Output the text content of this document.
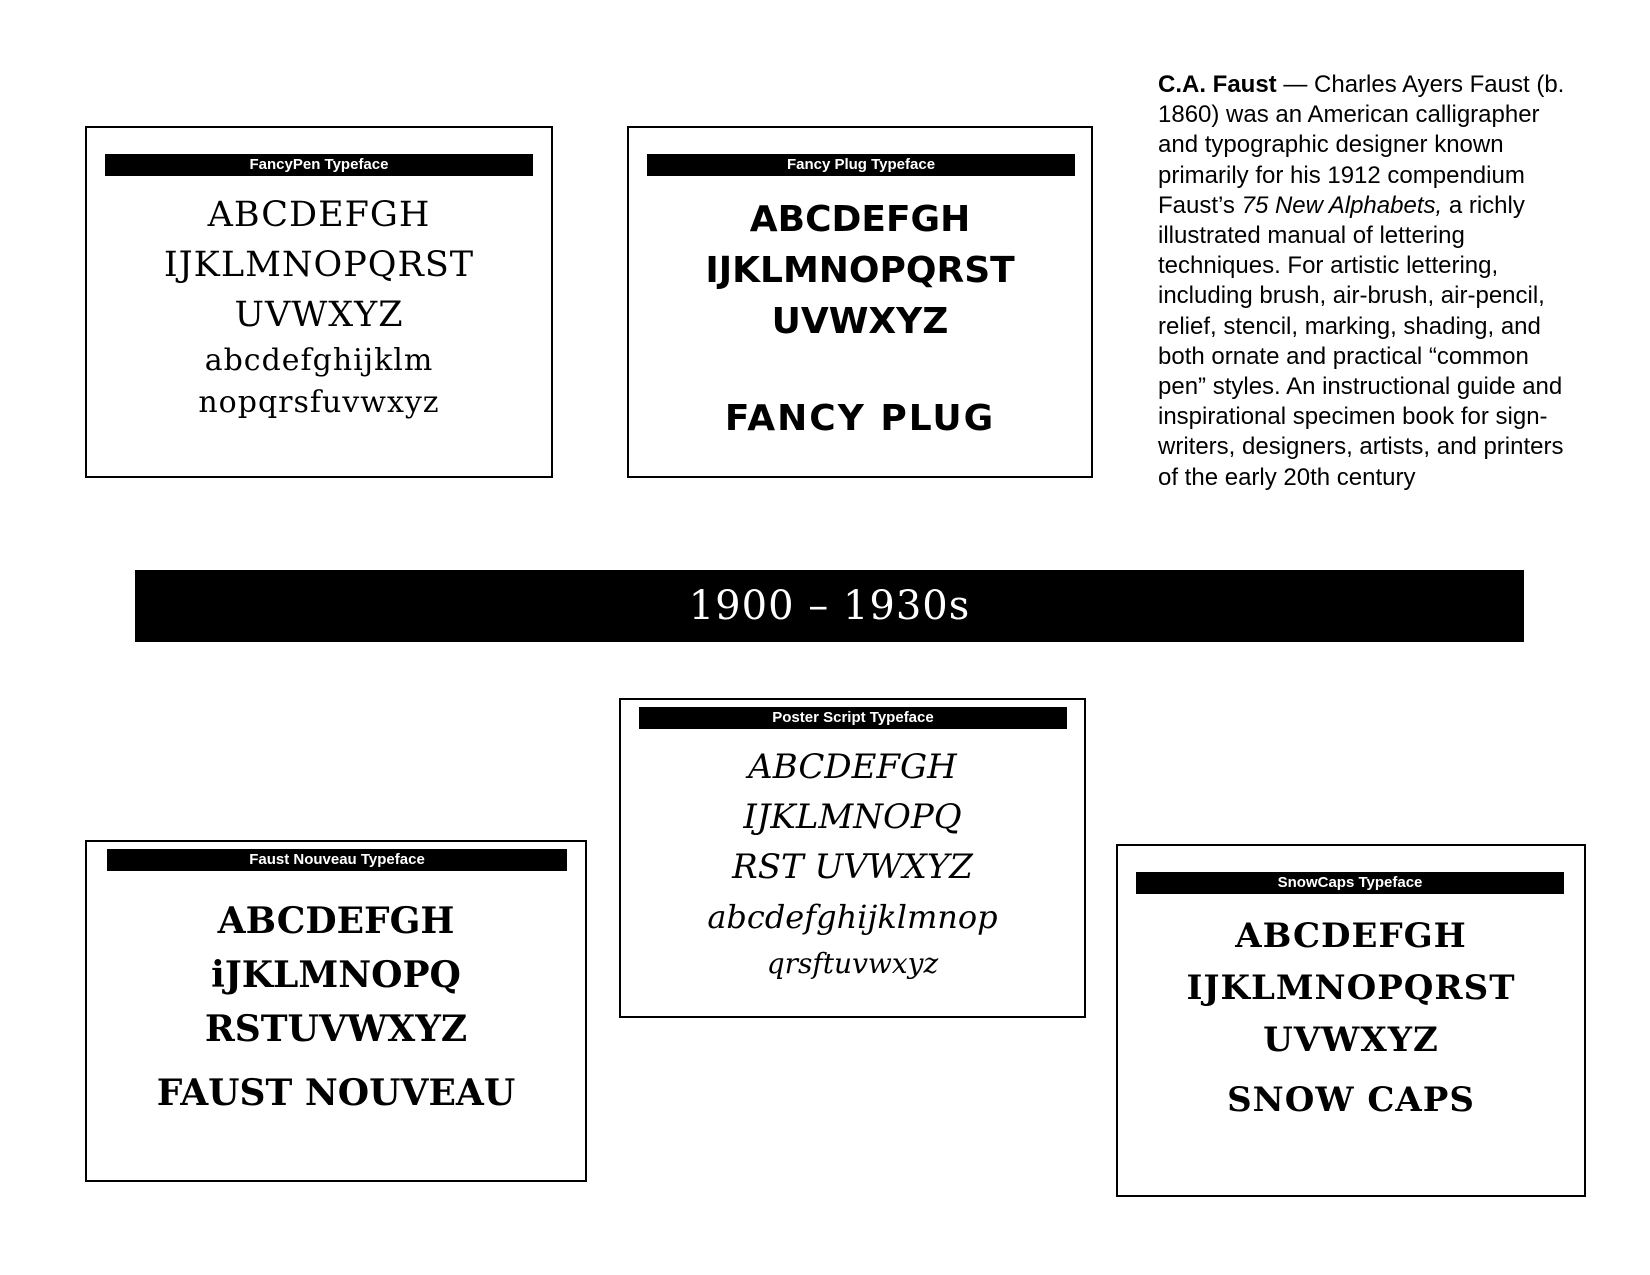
FancyPen Typeface
ABCDEFGH
IJKLMNOPQRST
UVWXYZ
abcdefghijklm
nopqrsfuvwxyz
Fancy Plug Typeface
ABCDEFGH
IJKLMNOPQRST
UVWXYZ
FANCY PLUG
C.A. Faust — Charles Ayers Faust (b. 1860) was an American calligrapher and typographic designer known primarily for his 1912 compendium Faust’s 75 New Alphabets, a richly illustrated manual of lettering techniques. For artistic lettering, including brush, air-brush, air-pencil, relief, stencil, marking, shading, and both ornate and practical “common pen” styles. An instructional guide and inspirational specimen book for sign-writers, designers, artists, and printers of the early 20th century
1900 – 1930s
Poster Script Typeface
ABCDEFGH
IJKLMNOPQ
RST UVWXYZ
abcdefghijklmnop
qrsftuvwxyz
Faust Nouveau Typeface
ABCDEFGH
iJKLMNOPQ
RSTUVWXYZ
FAUST NOUVEAU
SnowCaps Typeface
ABCDEFGH
IJKLMNOPQRST
UVWXYZ
SNOW CAPS
